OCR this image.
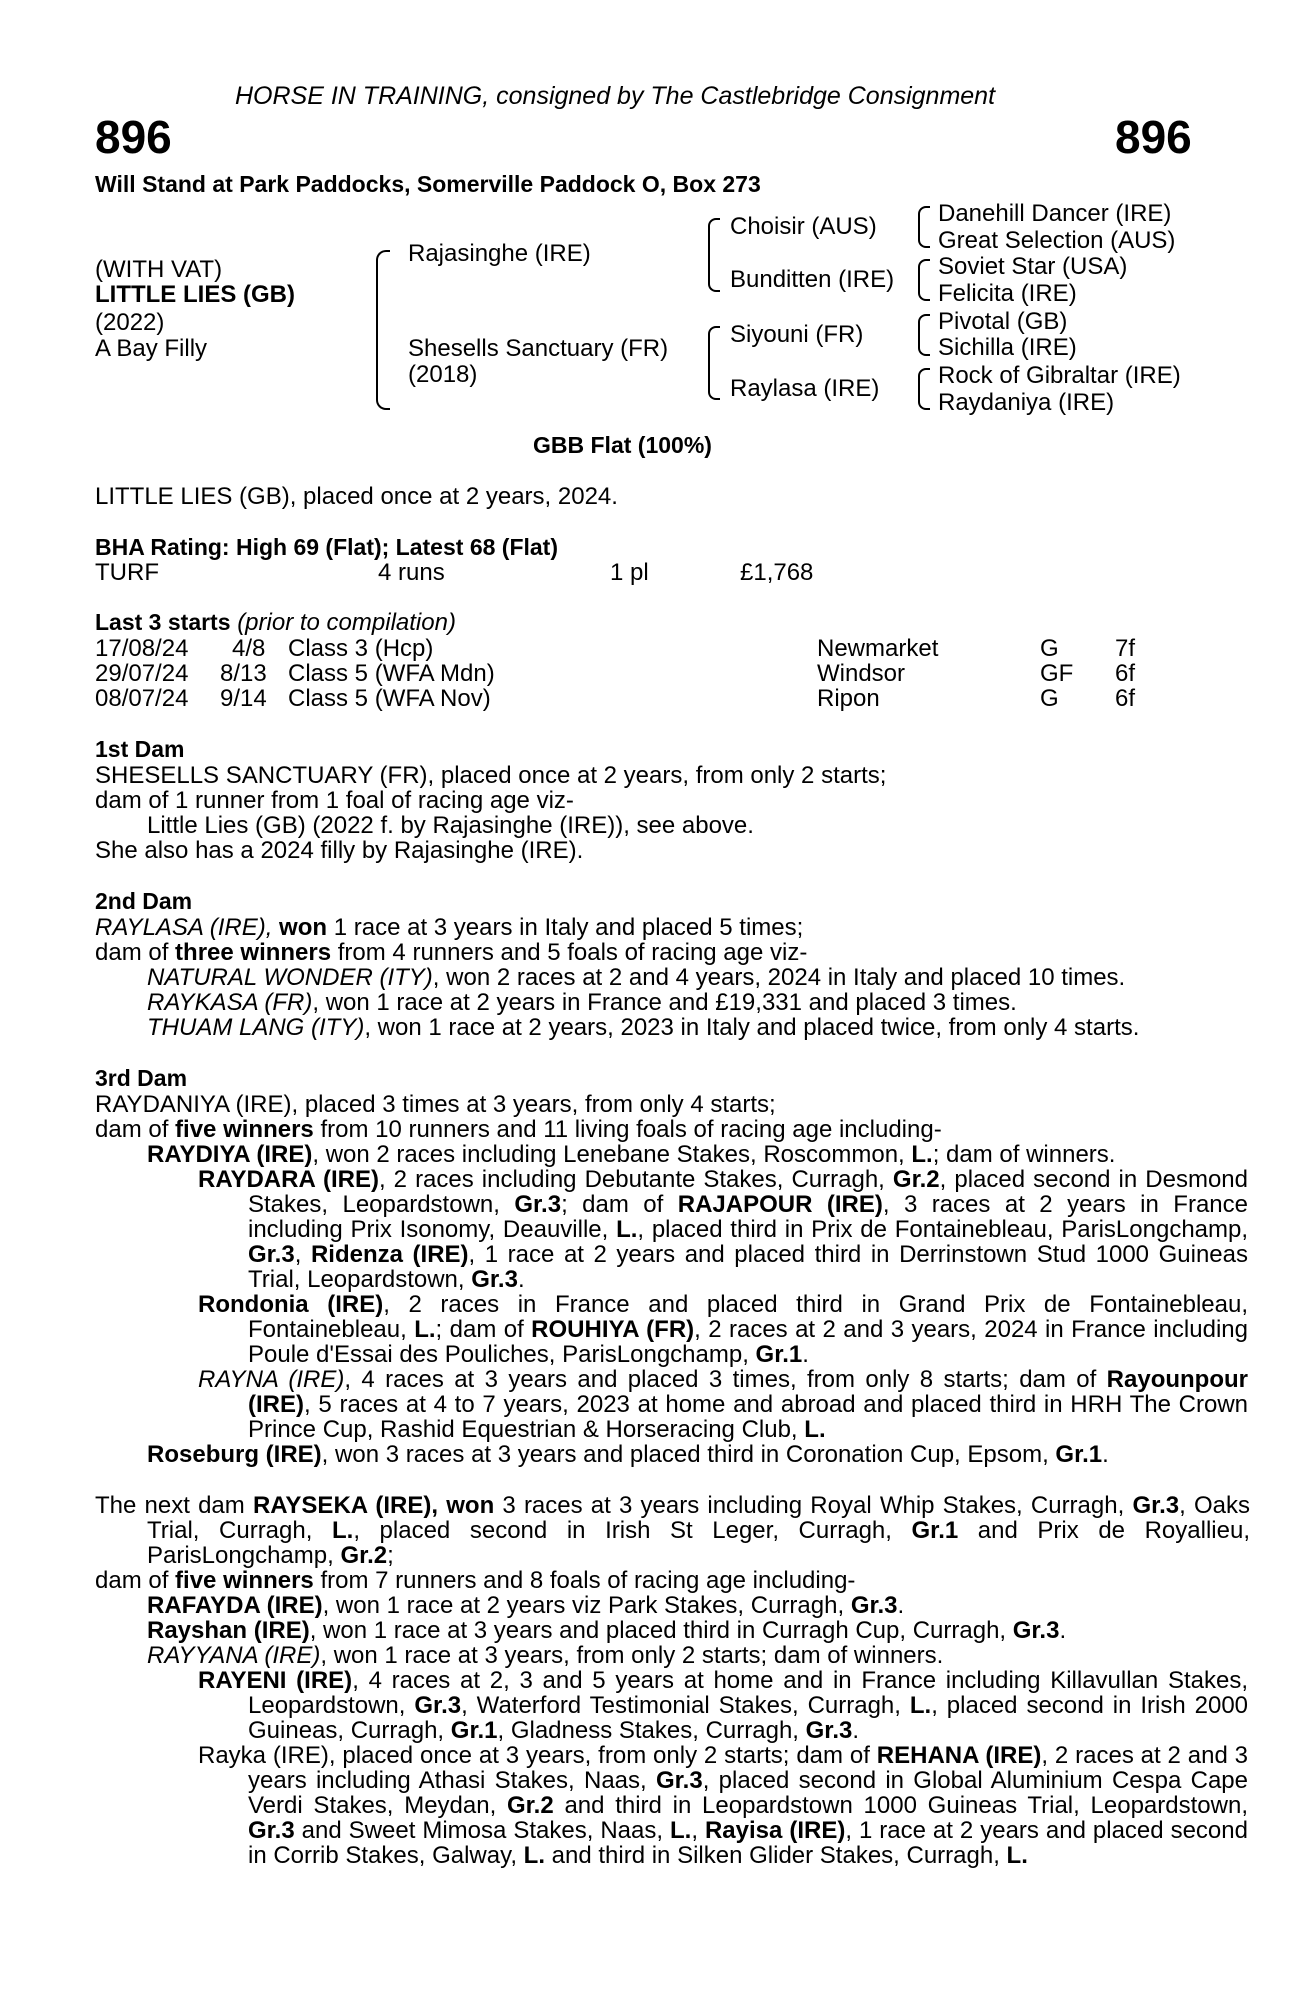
HORSE IN TRAINING, consigned by The Castlebridge Consignment
896	896
Will Stand at Park Paddocks, Somerville Paddock O, Box 273
(WITH VAT)
LITTLE LIES (GB)
(2022)
A Bay Filly
Rajasinghe (IRE)
Shesells Sanctuary (FR)
(2018)
Choisir (AUS)
Bunditten (IRE)
Siyouni (FR)
Raylasa (IRE)
Danehill Dancer (IRE)
Great Selection (AUS)
Soviet Star (USA)
Felicita (IRE)
Pivotal (GB)
Sichilla (IRE)
Rock of Gibraltar (IRE)
Raydaniya (IRE)
GBB Flat (100%)
LITTLE LIES (GB), placed once at 2 years, 2024.
BHA Rating: High 69 (Flat); Latest 68 (Flat)
TURF	4 runs	1 pl	£1,768
Last 3 starts (prior to compilation)
17/08/24 4/8 Class 3 (Hcp)	Newmarket	G 7f
29/07/24 8/13 Class 5 (WFA Mdn)	Windsor	GF 6f
08/07/24 9/14 Class 5 (WFA Nov)	Ripon	G 6f
1st Dam
SHESELLS SANCTUARY (FR), placed once at 2 years, from only 2 starts;
dam of 1 runner from 1 foal of racing age viz-
Little Lies (GB) (2022 f. by Rajasinghe (IRE)), see above.
She also has a 2024 filly by Rajasinghe (IRE).
2nd Dam
RAYLASA (IRE), won 1 race at 3 years in Italy and placed 5 times;
dam of three winners from 4 runners and 5 foals of racing age viz-
NATURAL WONDER (ITY), won 2 races at 2 and 4 years, 2024 in Italy and placed 10 times.
RAYKASA (FR), won 1 race at 2 years in France and £19,331 and placed 3 times.
THUAM LANG (ITY), won 1 race at 2 years, 2023 in Italy and placed twice, from only 4 starts.
3rd Dam
RAYDANIYA (IRE), placed 3 times at 3 years, from only 4 starts;
dam of five winners from 10 runners and 11 living foals of racing age including-
RAYDIYA (IRE), won 2 races including Lenebane Stakes, Roscommon, L.; dam of winners.
RAYDARA (IRE), 2 races including Debutante Stakes, Curragh, Gr.2, placed second in Desmond Stakes, Leopardstown, Gr.3; dam of RAJAPOUR (IRE), 3 races at 2 years in France including Prix Isonomy, Deauville, L., placed third in Prix de Fontainebleau, ParisLongchamp, Gr.3, Ridenza (IRE), 1 race at 2 years and placed third in Derrinstown Stud 1000 Guineas Trial, Leopardstown, Gr.3.
Rondonia (IRE), 2 races in France and placed third in Grand Prix de Fontainebleau, Fontainebleau, L.; dam of ROUHIYA (FR), 2 races at 2 and 3 years, 2024 in France including Poule d'Essai des Pouliches, ParisLongchamp, Gr.1.
RAYNA (IRE), 4 races at 3 years and placed 3 times, from only 8 starts; dam of Rayounpour (IRE), 5 races at 4 to 7 years, 2023 at home and abroad and placed third in HRH The Crown Prince Cup, Rashid Equestrian & Horseracing Club, L.
Roseburg (IRE), won 3 races at 3 years and placed third in Coronation Cup, Epsom, Gr.1.
The next dam RAYSEKA (IRE), won 3 races at 3 years including Royal Whip Stakes, Curragh, Gr.3, Oaks Trial, Curragh, L., placed second in Irish St Leger, Curragh, Gr.1 and Prix de Royallieu, ParisLongchamp, Gr.2;
dam of five winners from 7 runners and 8 foals of racing age including-
RAFAYDA (IRE), won 1 race at 2 years viz Park Stakes, Curragh, Gr.3.
Rayshan (IRE), won 1 race at 3 years and placed third in Curragh Cup, Curragh, Gr.3.
RAYYANA (IRE), won 1 race at 3 years, from only 2 starts; dam of winners.
RAYENI (IRE), 4 races at 2, 3 and 5 years at home and in France including Killavullan Stakes, Leopardstown, Gr.3, Waterford Testimonial Stakes, Curragh, L., placed second in Irish 2000 Guineas, Curragh, Gr.1, Gladness Stakes, Curragh, Gr.3.
Rayka (IRE), placed once at 3 years, from only 2 starts; dam of REHANA (IRE), 2 races at 2 and 3 years including Athasi Stakes, Naas, Gr.3, placed second in Global Aluminium Cespa Cape Verdi Stakes, Meydan, Gr.2 and third in Leopardstown 1000 Guineas Trial, Leopardstown, Gr.3 and Sweet Mimosa Stakes, Naas, L., Rayisa (IRE), 1 race at 2 years and placed second in Corrib Stakes, Galway, L. and third in Silken Glider Stakes, Curragh, L.
